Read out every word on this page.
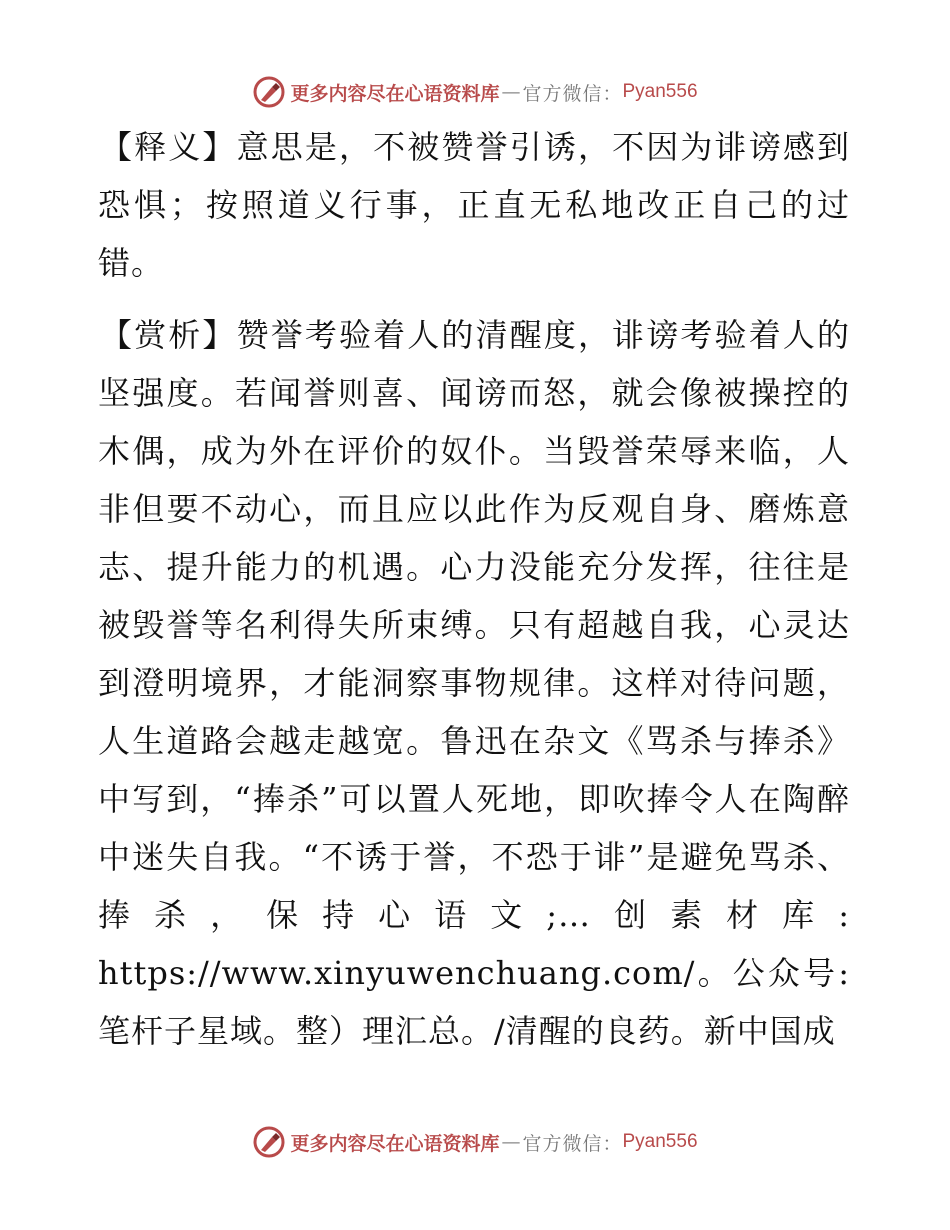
更多内容尽在心语资料库 — 官方微信： Pyan556

【释义】意思是，不被赞誉引诱，不因为诽谤感到恐惧；按照道义行事，正直无私地改正自己的过错。

【赏析】赞誉考验着人的清醒度，诽谤考验着人的坚强度。若闻誉则喜、闻谤而怒，就会像被操控的木偶，成为外在评价的奴仆。当毁誉荣辱来临，人非但要不动心，而且应以此作为反观自身、磨炼意志、提升能力的机遇。心力没能充分发挥，往往是被毁誉等名利得失所束缚。只有超越自我，心灵达到澄明境界，才能洞察事物规律。这样对待问题，人生道路会越走越宽。鲁迅在杂文《骂杀与捧杀》中写到，“捧杀”可以置人死地，即吹捧令人在陶醉中迷失自我。“不诱于誉，不恐于诽”是避免骂杀、捧杀，保持心语文;…创素材库: https://www.xinyuwenchuang.com/。公众号: 笔杆子星域。整）理汇总。/清醒的良药。新中国成

更多内容尽在心语资料库 — 官方微信： Pyan556
